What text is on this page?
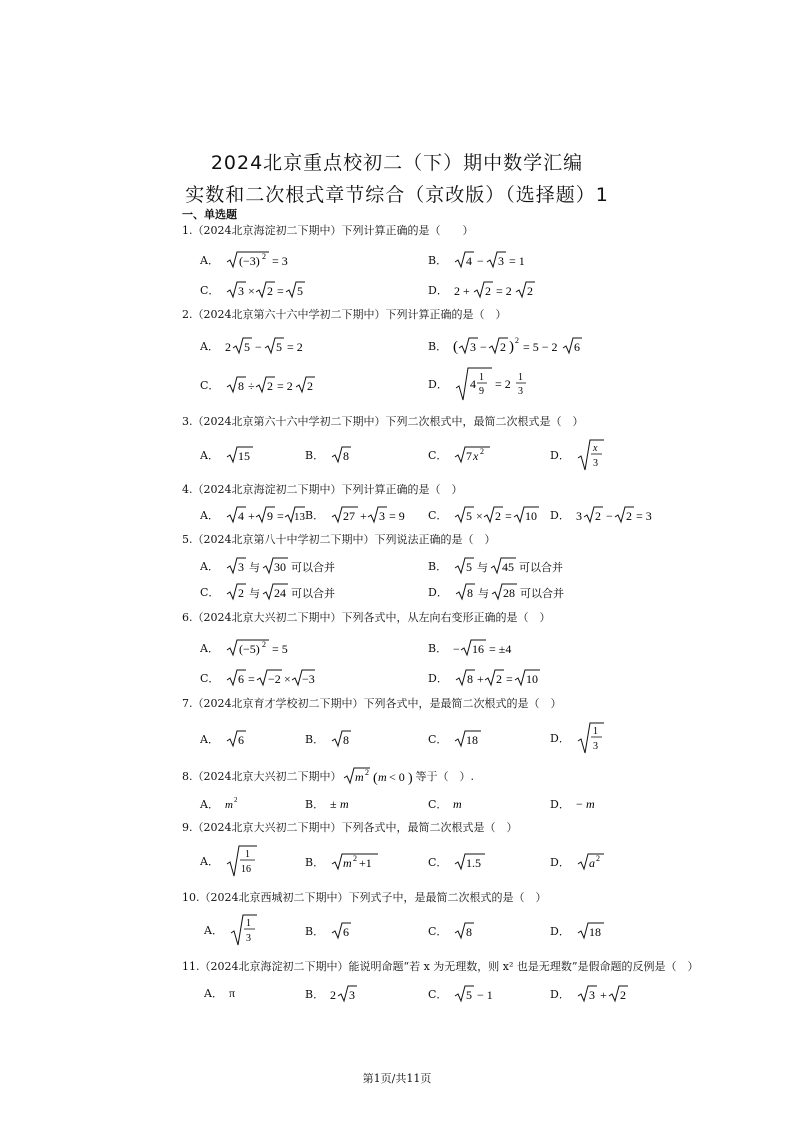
2024北京重点校初二（下）期中数学汇编
实数和二次根式章节综合（京改版）（选择题）1
一、单选题
1.（2024北京海淀初二下期中）下列计算正确的是（　　）
A． (−3) 2 = 3	B． 4 − 3 = 1
C． 3 × 2 = 5	D． 2 + 2 = 2 2
2.（2024北京第六十六中学初二下期中）下列计算正确的是（　）
A． 2 5 − 5 = 2	B． ( 3 − 2 ) 2 = 5 − 2 6
C． 8 ÷ 2 = 2 2	D． 4 1
9
= 2 1
3
3.（2024北京第六十六中学初二下期中）下列二次根式中，最简二次根式是（　）
A． 15	B． 8	C． 7 x 2	D．
x
3
4.（2024北京海淀初二下期中）下列计算正确的是（　）
A． 4 + 9 = 13 B． 27 + 3 = 9 C． 5 × 2 = 10 D． 3 2 − 2 = 3
5.（2024北京第八十中学初二下期中）下列说法正确的是（　）
A． 3 与 30 可以合并	B． 5 与 45 可以合并
C． 2 与 24 可以合并	D． 8 与 28 可以合并
6.（2024北京大兴初二下期中）下列各式中，从左向右变形正确的是（　）
A． (−5) 2 = 5	B． − 16 = ±4
C． 6 = −2 × −3	D． 8 + 2 = 10
7.（2024北京育才学校初二下期中）下列各式中，是最简二次根式的是（　）
A． 6	B． 8	C． 18	D．
1
3
8.（2024北京大兴初二下期中） m 2 ( m < 0 ) 等于（　）.
A． m 2	B． ± m	C． m	D． − m
9.（2024北京大兴初二下期中）下列各式中，最简二次根式是（　）
A．
1
16
B． m 2 +1	C． 1.5	D． a 2
10.（2024北京西城初二下期中）下列式子中，是最简二次根式的是（　）
A．
1
3
B． 6	C． 8	D． 18
11.（2024北京海淀初二下期中）能说明命题“若 x 为无理数，则 x² 也是无理数”是假命题的反例是（　）
A． π	B． 2 3	C． 5 − 1	D． 3 + 2
第1页/共11页
